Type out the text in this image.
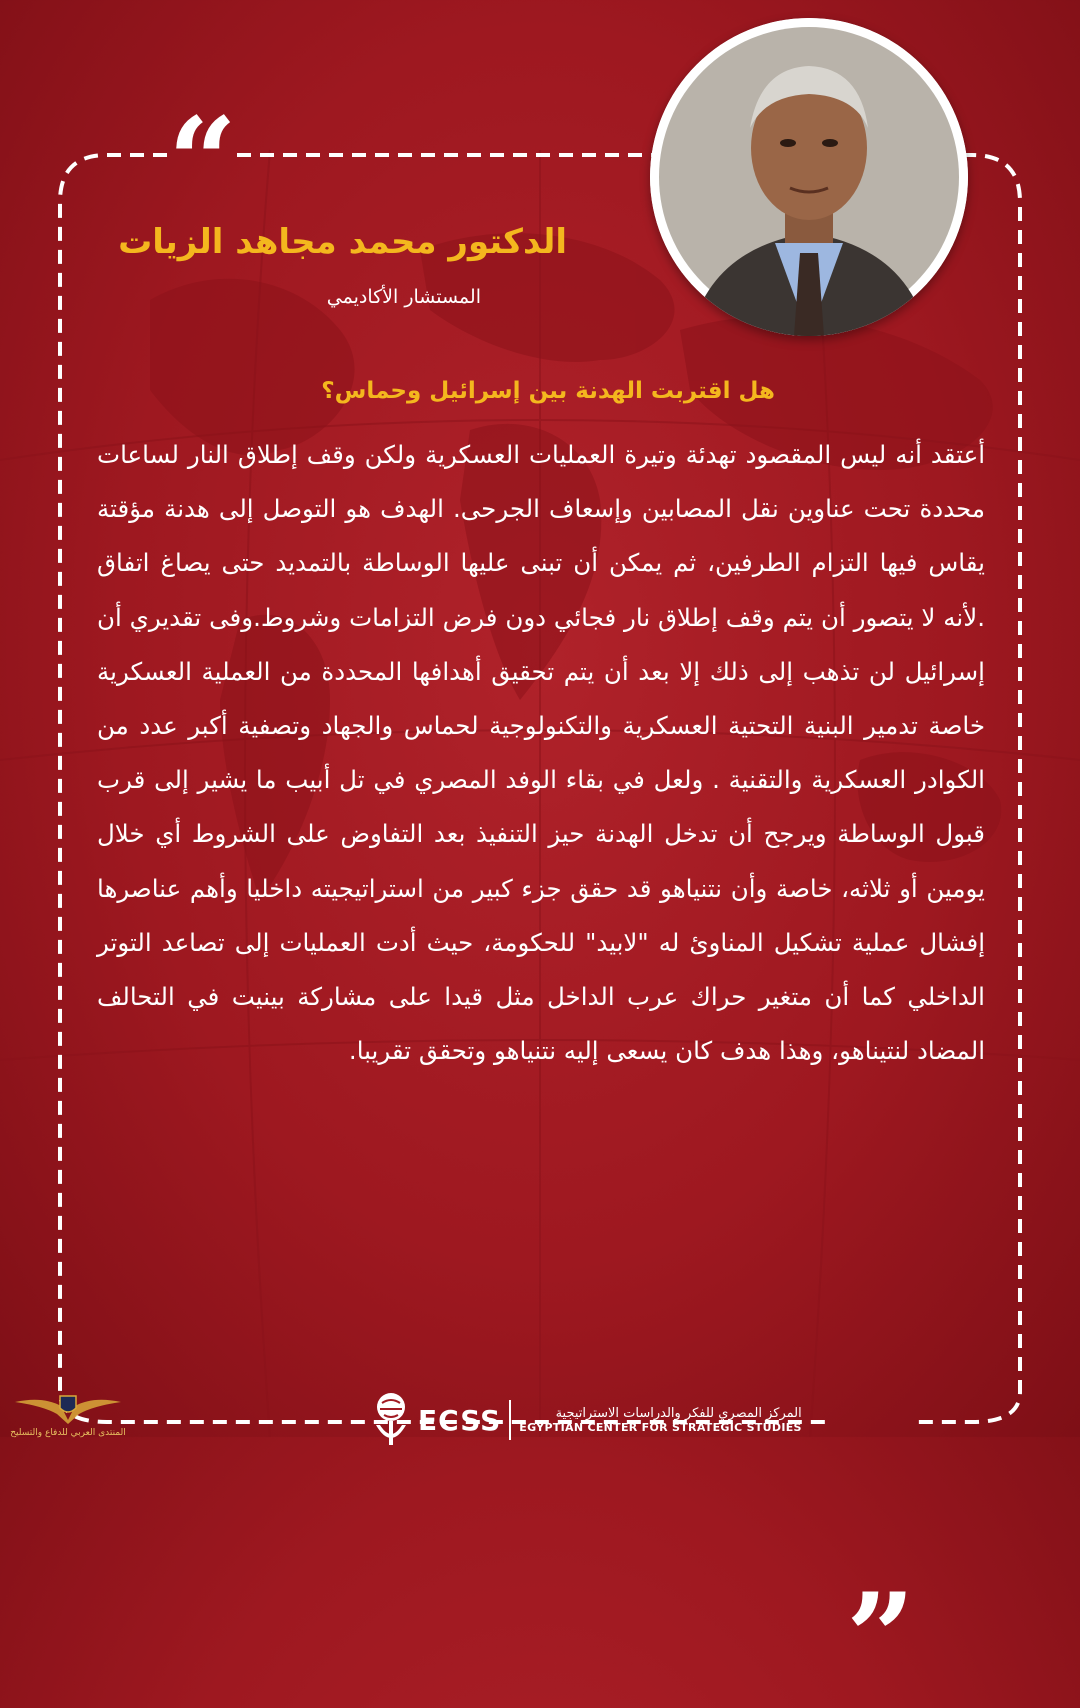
“
الدكتور محمد مجاهد الزيات
المستشار الأكاديمي
هل اقتربت الهدنة بين إسرائيل وحماس؟
أعتقد أنه ليس المقصود تهدئة وتيرة العمليات العسكرية ولكن وقف إطلاق النار لساعات محددة تحت عناوين نقل المصابين وإسعاف الجرحى. الهدف هو التوصل إلى هدنة مؤقتة يقاس فيها التزام الطرفين، ثم يمكن أن تبنى عليها الوساطة بالتمديد حتى يصاغ اتفاق .لأنه لا يتصور أن يتم وقف إطلاق نار فجائي دون فرض التزامات وشروط.وفى تقديري أن إسرائيل لن تذهب إلى ذلك إلا بعد أن يتم تحقيق أهدافها المحددة من العملية العسكرية خاصة تدمير البنية التحتية العسكرية والتكنولوجية لحماس والجهاد وتصفية أكبر عدد من الكوادر العسكرية والتقنية . ولعل في بقاء الوفد المصري في تل أبيب ما يشير إلى قرب قبول الوساطة ويرجح أن تدخل الهدنة حيز التنفيذ بعد التفاوض على الشروط أي خلال يومين أو ثلاثه، خاصة وأن نتنياهو قد حقق جزء كبير من استراتيجيته داخليا وأهم عناصرها إفشال عملية تشكيل المناوئ له "لابيد" للحكومة، حيث أدت العمليات إلى تصاعد التوتر الداخلي كما أن متغير حراك عرب الداخل مثل قيدا على مشاركة بينيت في التحالف المضاد لنتيناهو، وهذا هدف كان يسعى إليه نتنياهو وتحقق تقريبا.
”
ECSS	المركز المصري للفكر والدراسات الاستراتيجية
EGYPTIAN CENTER FOR STRATEGIC STUDIES
المنتدى العربي للدفاع والتسليح
